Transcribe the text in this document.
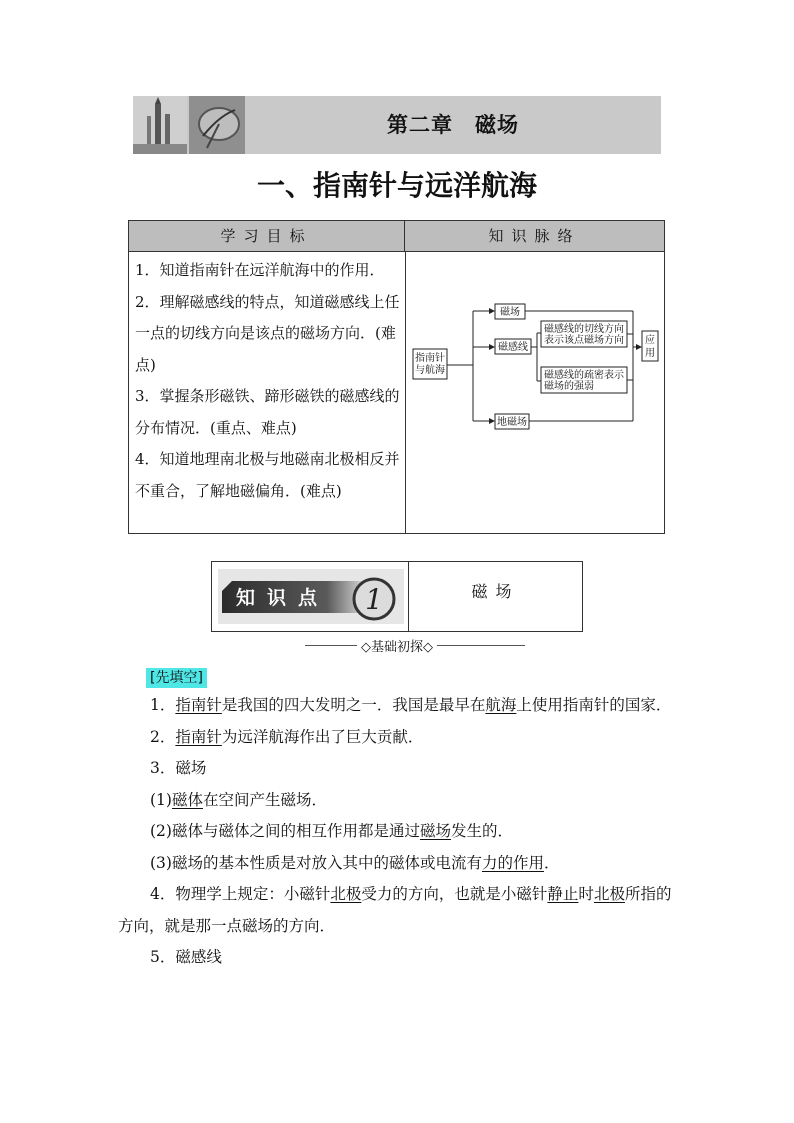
第二章 磁场
一、指南针与远洋航海
学习目标	知识脉络

1．知道指南针在远洋航海中的作用．

2．理解磁感线的特点，知道磁感线上任一点的切线方向是该点的磁场方向．(难点)

3．掌握条形磁铁、蹄形磁铁的磁感线的分布情况．(重点、难点)

4．知道地理南北极与地磁南北极相反并不重合，了解地磁偏角．(难点)

指南针
与航海
磁场
磁感线
磁感线的切线方向
表示该点磁场方向
磁感线的疏密表示
磁场的强弱
地磁场
应
用
知识点 1	磁场
◇基础初探◇
[先填空]

1．指南针是我国的四大发明之一．我国是最早在航海上使用指南针的国家．

2．指南针为远洋航海作出了巨大贡献．

3．磁场

(1)磁体在空间产生磁场．

(2)磁体与磁体之间的相互作用都是通过磁场发生的．

(3)磁场的基本性质是对放入其中的磁体或电流有力的作用．

4．物理学上规定：小磁针北极受力的方向，也就是小磁针静止时北极所指的方向，就是那一点磁场的方向．

5．磁感线
